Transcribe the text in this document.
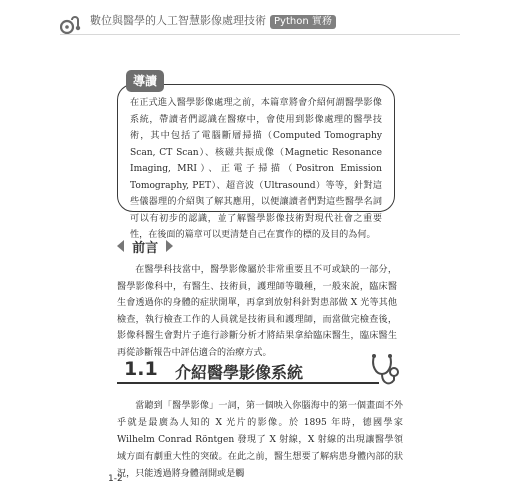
數位與醫學的人工智慧影像處理技術 Python 實務

在正式進入醫學影像處理之前，本篇章將會介紹何謂醫學影像系統，帶讀者們認識在醫療中，會使用到影像處理的醫學技術，其中包括了電腦斷層掃描（Computed Tomography Scan, CT Scan）、核磁共振成像（Magnetic Resonance Imaging, MRI）、正電子掃描（Positron Emission Tomography, PET）、超音波（Ultrasound）等等，針對這些儀器理的介紹與了解其應用，以便讓讀者們對這些醫學名詞可以有初步的認識，並了解醫學影像技術對現代社會之重要性，在後面的篇章可以更清楚自己在實作的標的及目的為何。

導讀
前言

在醫學科技當中，醫學影像屬於非常重要且不可或缺的一部分，醫學影像科中，有醫生、技術員，護理師等職種，一般來說，臨床醫生會透過你的身體的症狀開單，再拿到放射科針對患部做 X 光等其他檢查，執行檢查工作的人員就是技術員和護理師，而當做完檢查後，影像科醫生會對片子進行診斷分析才將結果拿給臨床醫生，臨床醫生再從診斷報告中評估適合的治療方式。

1.1 介紹醫學影像系統

當聽到「醫學影像」一詞，第一個映入你腦海中的第一個畫面不外乎就是最廣為人知的 X 光片的影像。於 1895 年時，德國學家 Wilhelm Conrad Röntgen 發現了 X 射線，X 射線的出現讓醫學領域方面有劇重大性的突破。在此之前，醫生想要了解病患身體內部的狀況，只能透過將身體剖開或是觸

1-2
